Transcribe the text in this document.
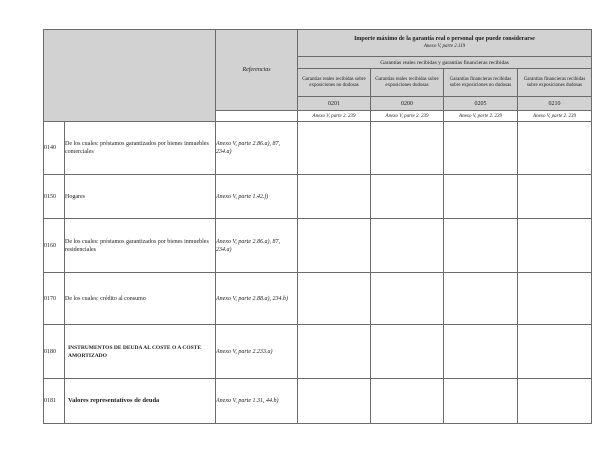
		Referencias	Importe máximo de la garantía real o personal que puede considerarse
Anexo V, parte 2.119			

			Garantías reales recibidas y garantías financieras recibidas			
			Garantías reales recibidas sobre exposiciones no dudosas	Garantías reales recibidas sobre exposiciones dudosas	Garantías financieras recibidas sobre exposiciones no dudosas	Garantías financieras recibidas sobre exposiciones dudosas
			0201	0200	0205	0210
			Anexo V, parte 2. 239	Anexo V, parte 2. 239	Anexo V, parte 2. 239	Anexo V, parte 2. 239
0140	De los cuales: préstamos garantizados por bienes inmuebles comerciales	Anexo V, parte 2.86.a), 87, 234.a)				
0150	Hogares	Anexo V, parte 1.42.f)				
0160	De los cuales: préstamos garantizados por bienes inmuebles residenciales	Anexo V, parte 2.86.a), 87, 234.a)				
0170	De los cuales: crédito al consumo	Anexo V, parte 2.88.a), 234.b)				
0180	INSTRUMENTOS DE DEUDA AL COSTE O A COSTE AMORTIZADO	Anexo V, parte 2.233.a)				
0181	Valores representativos de deuda	Anexo V, parte 1.31, 44.b)				
